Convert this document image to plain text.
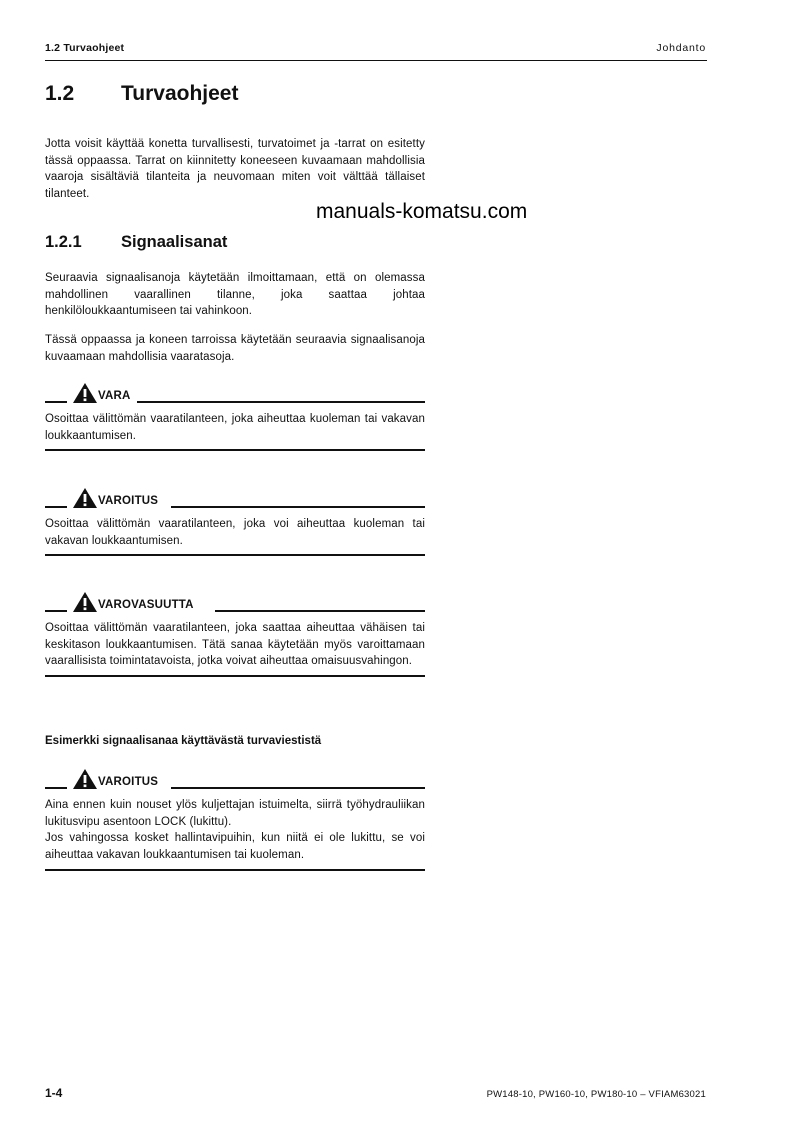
1.2 Turvaohjeet	Johdanto
1.2 Turvaohjeet
Jotta voisit käyttää konetta turvallisesti, turvatoimet ja -tarrat on esitetty tässä oppaassa. Tarrat on kiinnitetty koneeseen kuvaamaan mahdollisia vaaroja sisältäviä tilanteita ja neuvomaan miten voit välttää tällaiset tilanteet.
manuals-komatsu.com
1.2.1 Signaalisanat
Seuraavia signaalisanoja käytetään ilmoittamaan, että on olemassa mahdollinen vaarallinen tilanne, joka saattaa johtaa henkilöloukkaantumiseen tai vahinkoon.
Tässä oppaassa ja koneen tarroissa käytetään seuraavia signaalisanoja kuvaamaan mahdollisia vaaratasoja.
VARA
Osoittaa välittömän vaaratilanteen, joka aiheuttaa kuoleman tai vakavan loukkaantumisen.
VAROITUS
Osoittaa välittömän vaaratilanteen, joka voi aiheuttaa kuoleman tai vakavan loukkaantumisen.
VAROVASUUTTA
Osoittaa välittömän vaaratilanteen, joka saattaa aiheuttaa vähäisen tai keskitason loukkaantumisen. Tätä sanaa käytetään myös varoittamaan vaarallisista toimintatavoista, jotka voivat aiheuttaa omaisuusvahingon.
Esimerkki signaalisanaa käyttävästä turvaviestistä
VAROITUS
Aina ennen kuin nouset ylös kuljettajan istuimelta, siirrä työhydrauliikan lukitusvipu asentoon LOCK (lukittu).
Jos vahingossa kosket hallintavipuihin, kun niitä ei ole lukittu, se voi aiheuttaa vakavan loukkaantumisen tai kuoleman.
1-4	PW148-10, PW160-10, PW180-10 – VFIAM63021
